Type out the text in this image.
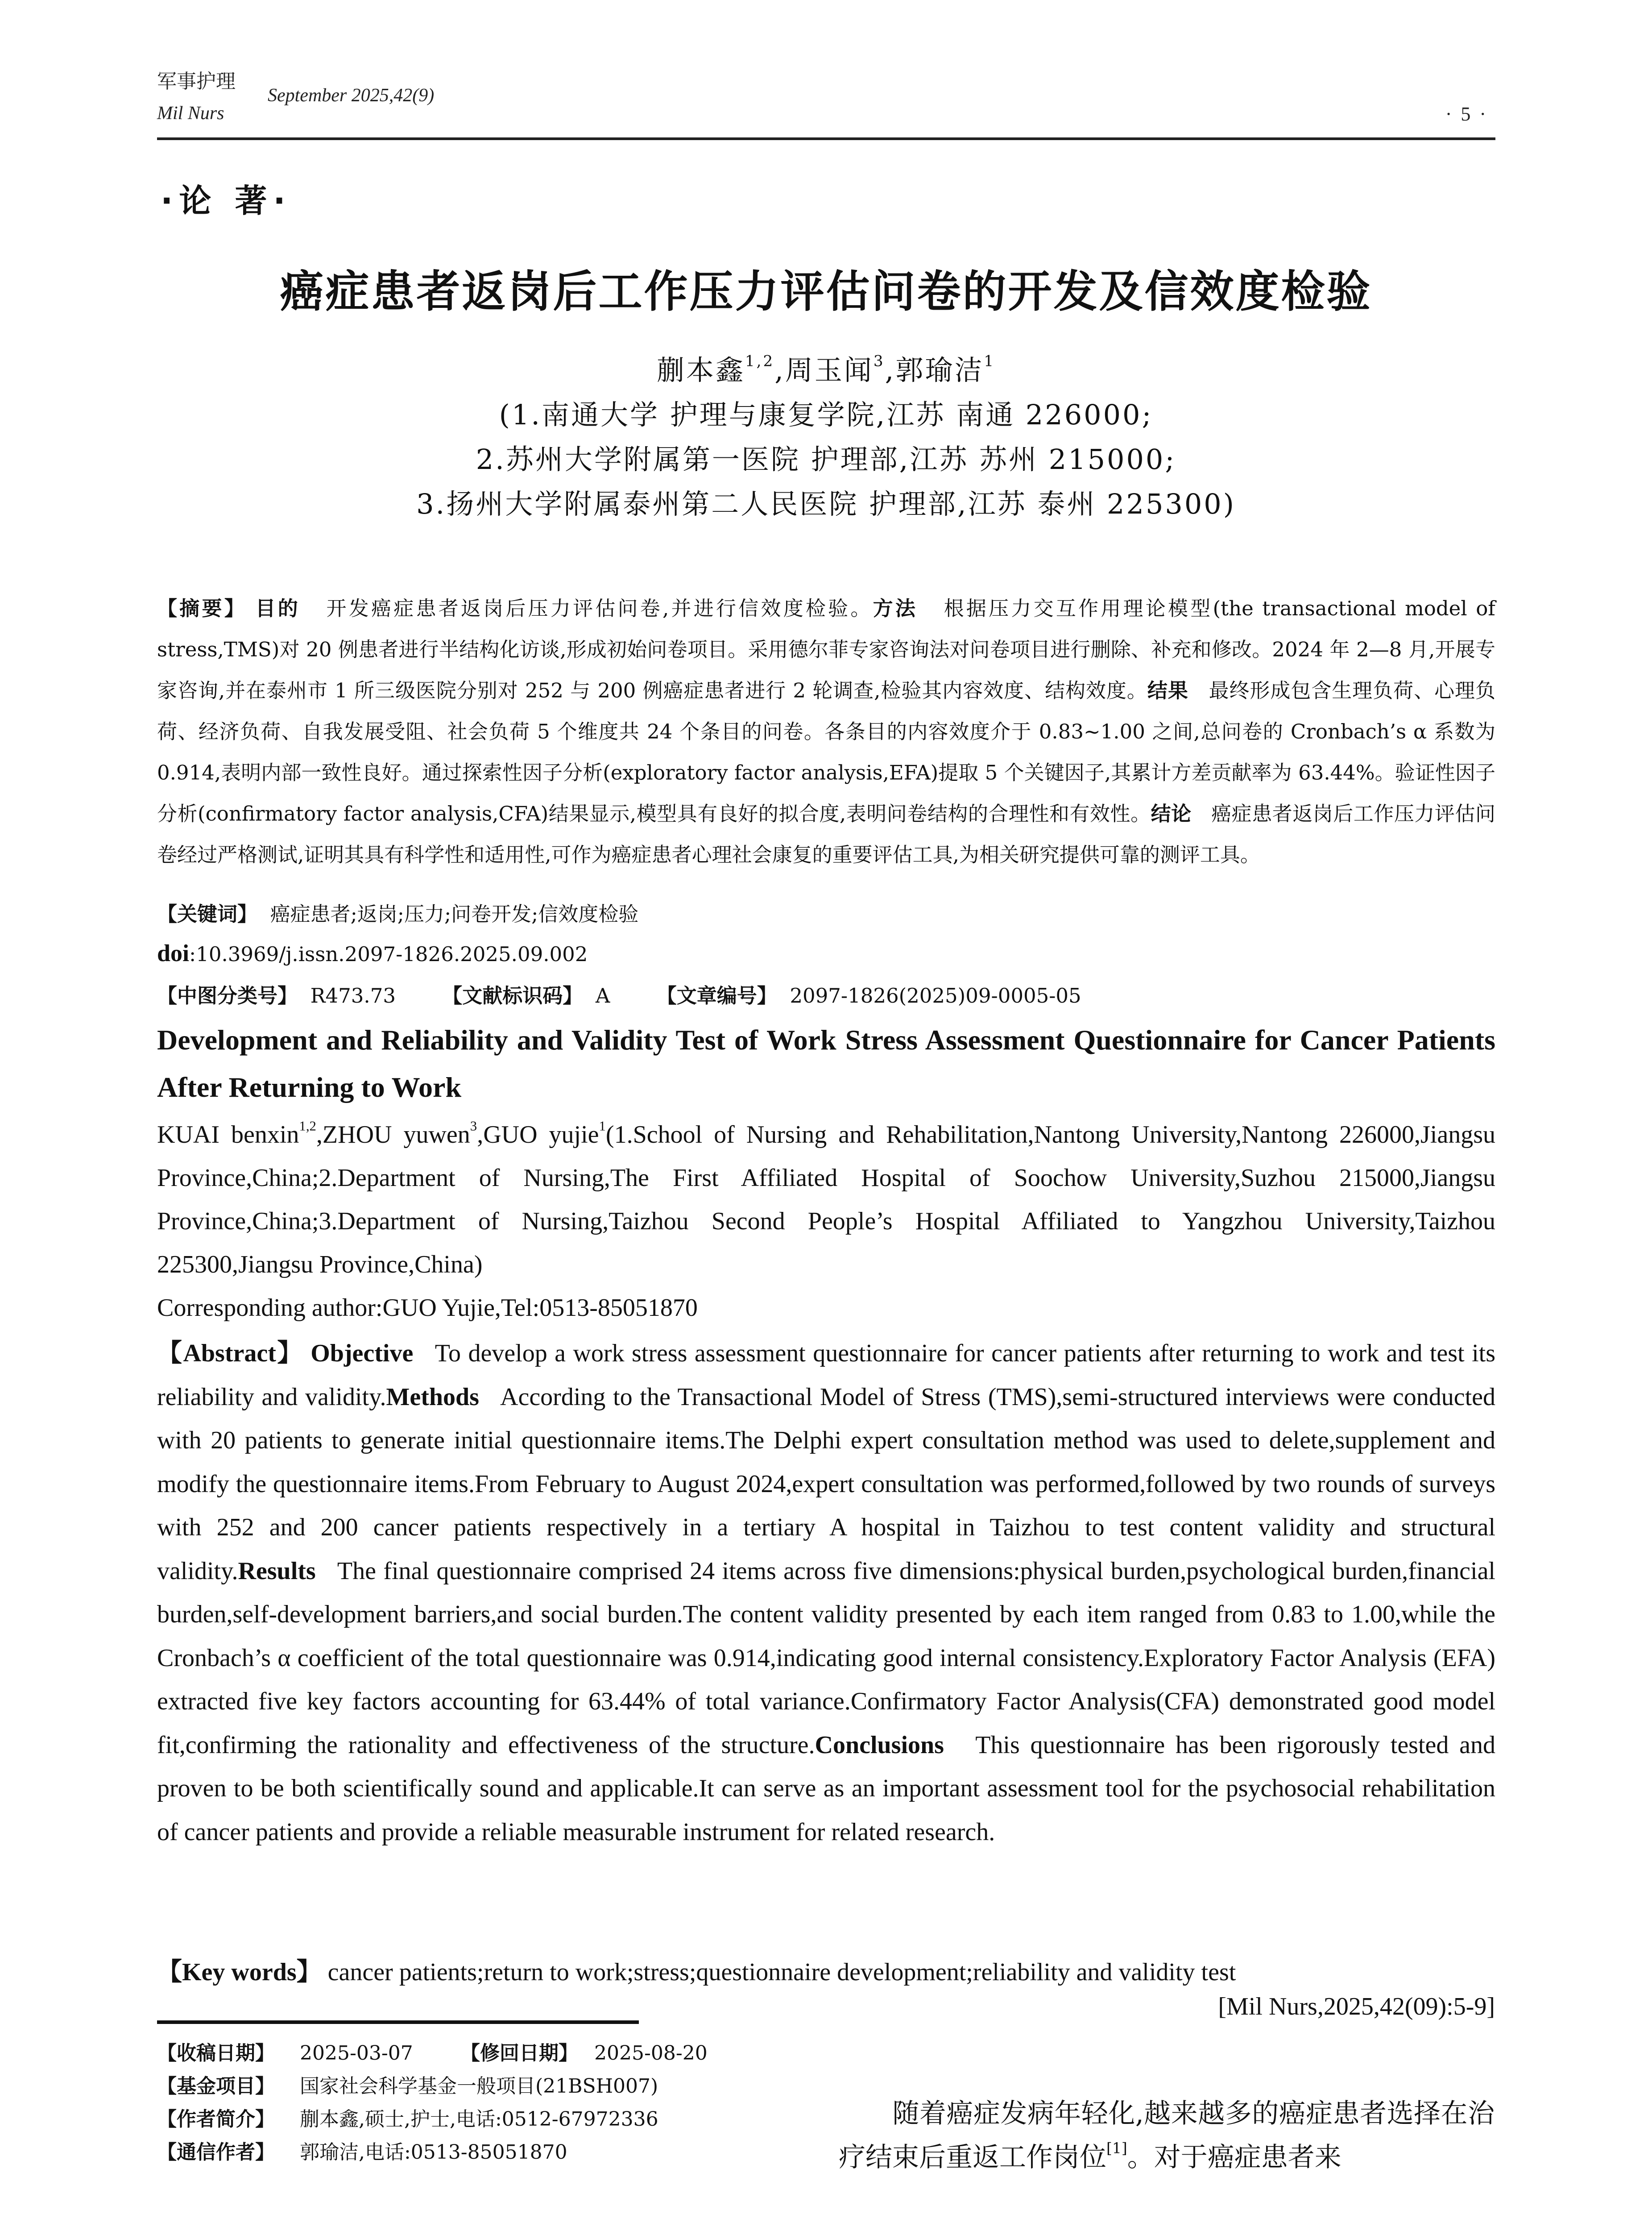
军事护理
September 2025,42(9)
Mil Nurs	·5·
·论 著·
癌症患者返岗后工作压力评估问卷的开发及信效度检验
蒯本鑫$^{1,2}$,周玉闻$^3$,郭瑜洁$^1$
(1.南通大学 护理与康复学院,江苏 南通 226000;
2.苏州大学附属第一医院 护理部,江苏 苏州 215000;
3.扬州大学附属泰州第二人民医院 护理部,江苏 泰州 225300)
【摘要】 目的 开发癌症患者返岗后压力评估问卷,并进行信效度检验。方法 根据压力交互作用理论模型(the transactional model of stress,TMS)对 20 例患者进行半结构化访谈,形成初始问卷项目。采用德尔菲专家咨询法对问卷项目进行删除、补充和修改。2024 年 2—8 月,开展专家咨询,并在泰州市 1 所三级医院分别对 252 与 200 例癌症患者进行 2 轮调查,检验其内容效度、结构效度。结果 最终形成包含生理负荷、心理负荷、经济负荷、自我发展受阻、社会负荷 5 个维度共 24 个条目的问卷。各条目的内容效度介于 0.83~1.00 之间,总问卷的 Cronbach’s α 系数为 0.914,表明内部一致性良好。通过探索性因子分析(exploratory factor analysis,EFA)提取 5 个关键因子,其累计方差贡献率为 63.44%。验证性因子分析(confirmatory factor analysis,CFA)结果显示,模型具有良好的拟合度,表明问卷结构的合理性和有效性。结论 癌症患者返岗后工作压力评估问卷经过严格测试,证明其具有科学性和适用性,可作为癌症患者心理社会康复的重要评估工具,为相关研究提供可靠的测评工具。
【关键词】 癌症患者;返岗;压力;问卷开发;信效度检验
doi:10.3969/j.issn.2097-1826.2025.09.002
【中图分类号】 R473.73 【文献标识码】 A 【文章编号】 2097-1826(2025)09-0005-05
Development and Reliability and Validity Test of Work Stress Assessment Questionnaire for Cancer Patients After Returning to Work
KUAI benxin$^{1,2}$,ZHOU yuwen$^3$,GUO yujie$^1$(1.School of Nursing and Rehabilitation,Nantong University,Nantong 226000,Jiangsu Province,China;2.Department of Nursing,The First Affiliated Hospital of Soochow University,Suzhou 215000,Jiangsu Province,China;3.Department of Nursing,Taizhou Second People’s Hospital Affiliated to Yangzhou University,Taizhou 225300,Jiangsu Province,China)
Corresponding author:GUO Yujie,Tel:0513-85051870
【Abstract】 Objective To develop a work stress assessment questionnaire for cancer patients after returning to work and test its reliability and validity.Methods According to the Transactional Model of Stress (TMS),semi-structured interviews were conducted with 20 patients to generate initial questionnaire items.The Delphi expert consultation method was used to delete,supplement and modify the questionnaire items.From February to August 2024,expert consultation was performed,followed by two rounds of surveys with 252 and 200 cancer patients respectively in a tertiary A hospital in Taizhou to test content validity and structural validity.Results The final questionnaire comprised 24 items across five dimensions:physical burden,psychological burden,financial burden,self-development barriers,and social burden.The content validity presented by each item ranged from 0.83 to 1.00,while the Cronbach’s α coefficient of the total questionnaire was 0.914,indicating good internal consistency.Exploratory Factor Analysis (EFA) extracted five key factors accounting for 63.44% of total variance.Confirmatory Factor Analysis(CFA) demonstrated good model fit,confirming the rationality and effectiveness of the structure.Conclusions This questionnaire has been rigorously tested and proven to be both scientifically sound and applicable.It can serve as an important assessment tool for the psychosocial rehabilitation of cancer patients and provide a reliable measurable instrument for related research.
【Key words】 cancer patients;return to work;stress;questionnaire development;reliability and validity test
[Mil Nurs,2025,42(09):5-9]
【收稿日期】 2025-03-07 【修回日期】 2025-08-20
【基金项目】 国家社会科学基金一般项目(21BSH007)
【作者简介】 蒯本鑫,硕士,护士,电话:0512-67972336
【通信作者】 郭瑜洁,电话:0513-85051870
随着癌症发病年轻化,越来越多的癌症患者选择在治疗结束后重返工作岗位[1]。对于癌症患者来
